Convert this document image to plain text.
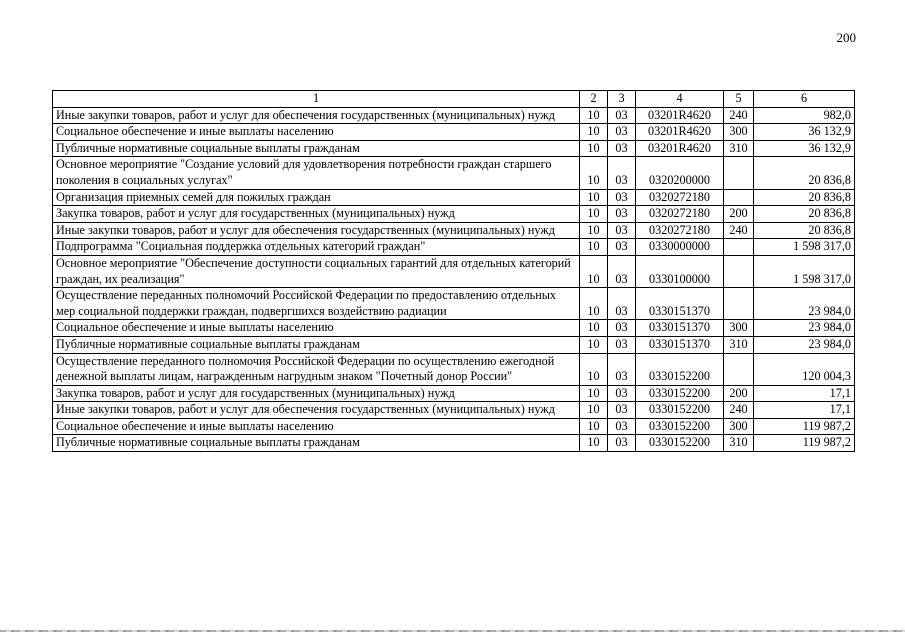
200
1	2	3	4	5	6
Иные закупки товаров, работ и услуг для обеспечения государственных (муниципальных) нужд	10	03	03201R4620	240	982,0
Социальное обеспечение и иные выплаты населению	10	03	03201R4620	300	36 132,9
Публичные нормативные социальные выплаты гражданам	10	03	03201R4620	310	36 132,9
Основное мероприятие "Создание условий для удовлетворения потребности граждан старшего поколения в социальных услугах"	10	03	0320200000		20 836,8
Организация приемных семей для пожилых граждан	10	03	0320272180		20 836,8
Закупка товаров, работ и услуг для государственных (муниципальных) нужд	10	03	0320272180	200	20 836,8
Иные закупки товаров, работ и услуг для обеспечения государственных (муниципальных) нужд	10	03	0320272180	240	20 836,8
Подпрограмма "Социальная поддержка отдельных категорий граждан"	10	03	0330000000		1 598 317,0
Основное мероприятие "Обеспечение доступности социальных гарантий для отдельных категорий граждан, их реализация"	10	03	0330100000		1 598 317,0
Осуществление переданных полномочий Российской Федерации по предоставлению отдельных мер социальной поддержки граждан, подвергшихся воздействию радиации	10	03	0330151370		23 984,0
Социальное обеспечение и иные выплаты населению	10	03	0330151370	300	23 984,0
Публичные нормативные социальные выплаты гражданам	10	03	0330151370	310	23 984,0
Осуществление переданного полномочия Российской Федерации по осуществлению ежегодной денежной выплаты лицам, награжденным нагрудным знаком "Почетный донор России"	10	03	0330152200		120 004,3
Закупка товаров, работ и услуг для государственных (муниципальных) нужд	10	03	0330152200	200	17,1
Иные закупки товаров, работ и услуг для обеспечения государственных (муниципальных) нужд	10	03	0330152200	240	17,1
Социальное обеспечение и иные выплаты населению	10	03	0330152200	300	119 987,2
Публичные нормативные социальные выплаты гражданам	10	03	0330152200	310	119 987,2
